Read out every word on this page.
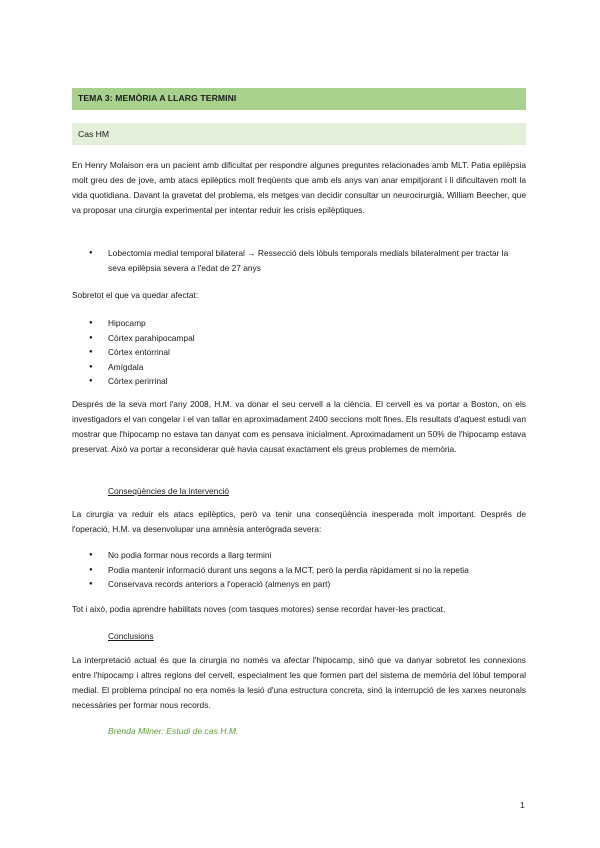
TEMA 3: MEMÒRIA A LLARG TERMINI
Cas HM
En Henry Molaison era un pacient amb dificultat per respondre algunes preguntes relacionades amb MLT. Patia epilèpsia molt greu des de jove, amb atacs epilèptics molt freqüents que amb els anys van anar empitjorant i li dificultaven molt la vida quotidiana. Davant la gravetat del problema, els metges van decidir consultar un neurocirurgià, William Beecher, que va proposar una cirurgia experimental per intentar reduir les crisis epilèptiques.
● Lobectomia medial temporal bilateral → Ressecció dels lòbuls temporals medials bilateralment per tractar la seva epilèpsia severa a l'edat de 27 anys
Sobretot el que va quedar afectat:
● Hipocamp
● Còrtex parahipocampal
● Còrtex entorrinal
● Amígdala
● Còrtex perirrinal
Després de la seva mort l'any 2008, H.M. va donar el seu cervell a la ciència. El cervell es va portar a Boston, on els investigadors el van congelar i el van tallar en aproximadament 2400 seccions molt fines. Els resultats d'aquest estudi van mostrar que l'hipocamp no estava tan danyat com es pensava inicialment. Aproximadament un 50% de l'hipocamp estava preservat. Això va portar a reconsiderar què havia causat exactament els greus problemes de memòria.
Conseqüències de la intervenció
La cirurgia va reduir els atacs epilèptics, però va tenir una conseqüència inesperada molt important. Després de l'operació, H.M. va desenvolupar una amnèsia anterògrada severa:
● No podia formar nous records a llarg termini
● Podia mantenir informació durant uns segons a la MCT, però la perdia ràpidament si no la repetia
● Conservava records anteriors a l'operació (almenys en part)
Tot i això, podia aprendre habilitats noves (com tasques motores) sense recordar haver-les practicat.
Conclusions
La interpretació actual és que la cirurgia no només va afectar l'hipocamp, sinó que va danyar sobretot les connexions entre l'hipocamp i altres regions del cervell, especialment les que formen part del sistema de memòria del lòbul temporal medial. El problema principal no era només la lesió d'una estructura concreta, sinó la interrupció de les xarxes neuronals necessàries per formar nous records.
Brenda Milner: Estudi de cas H.M.
1
